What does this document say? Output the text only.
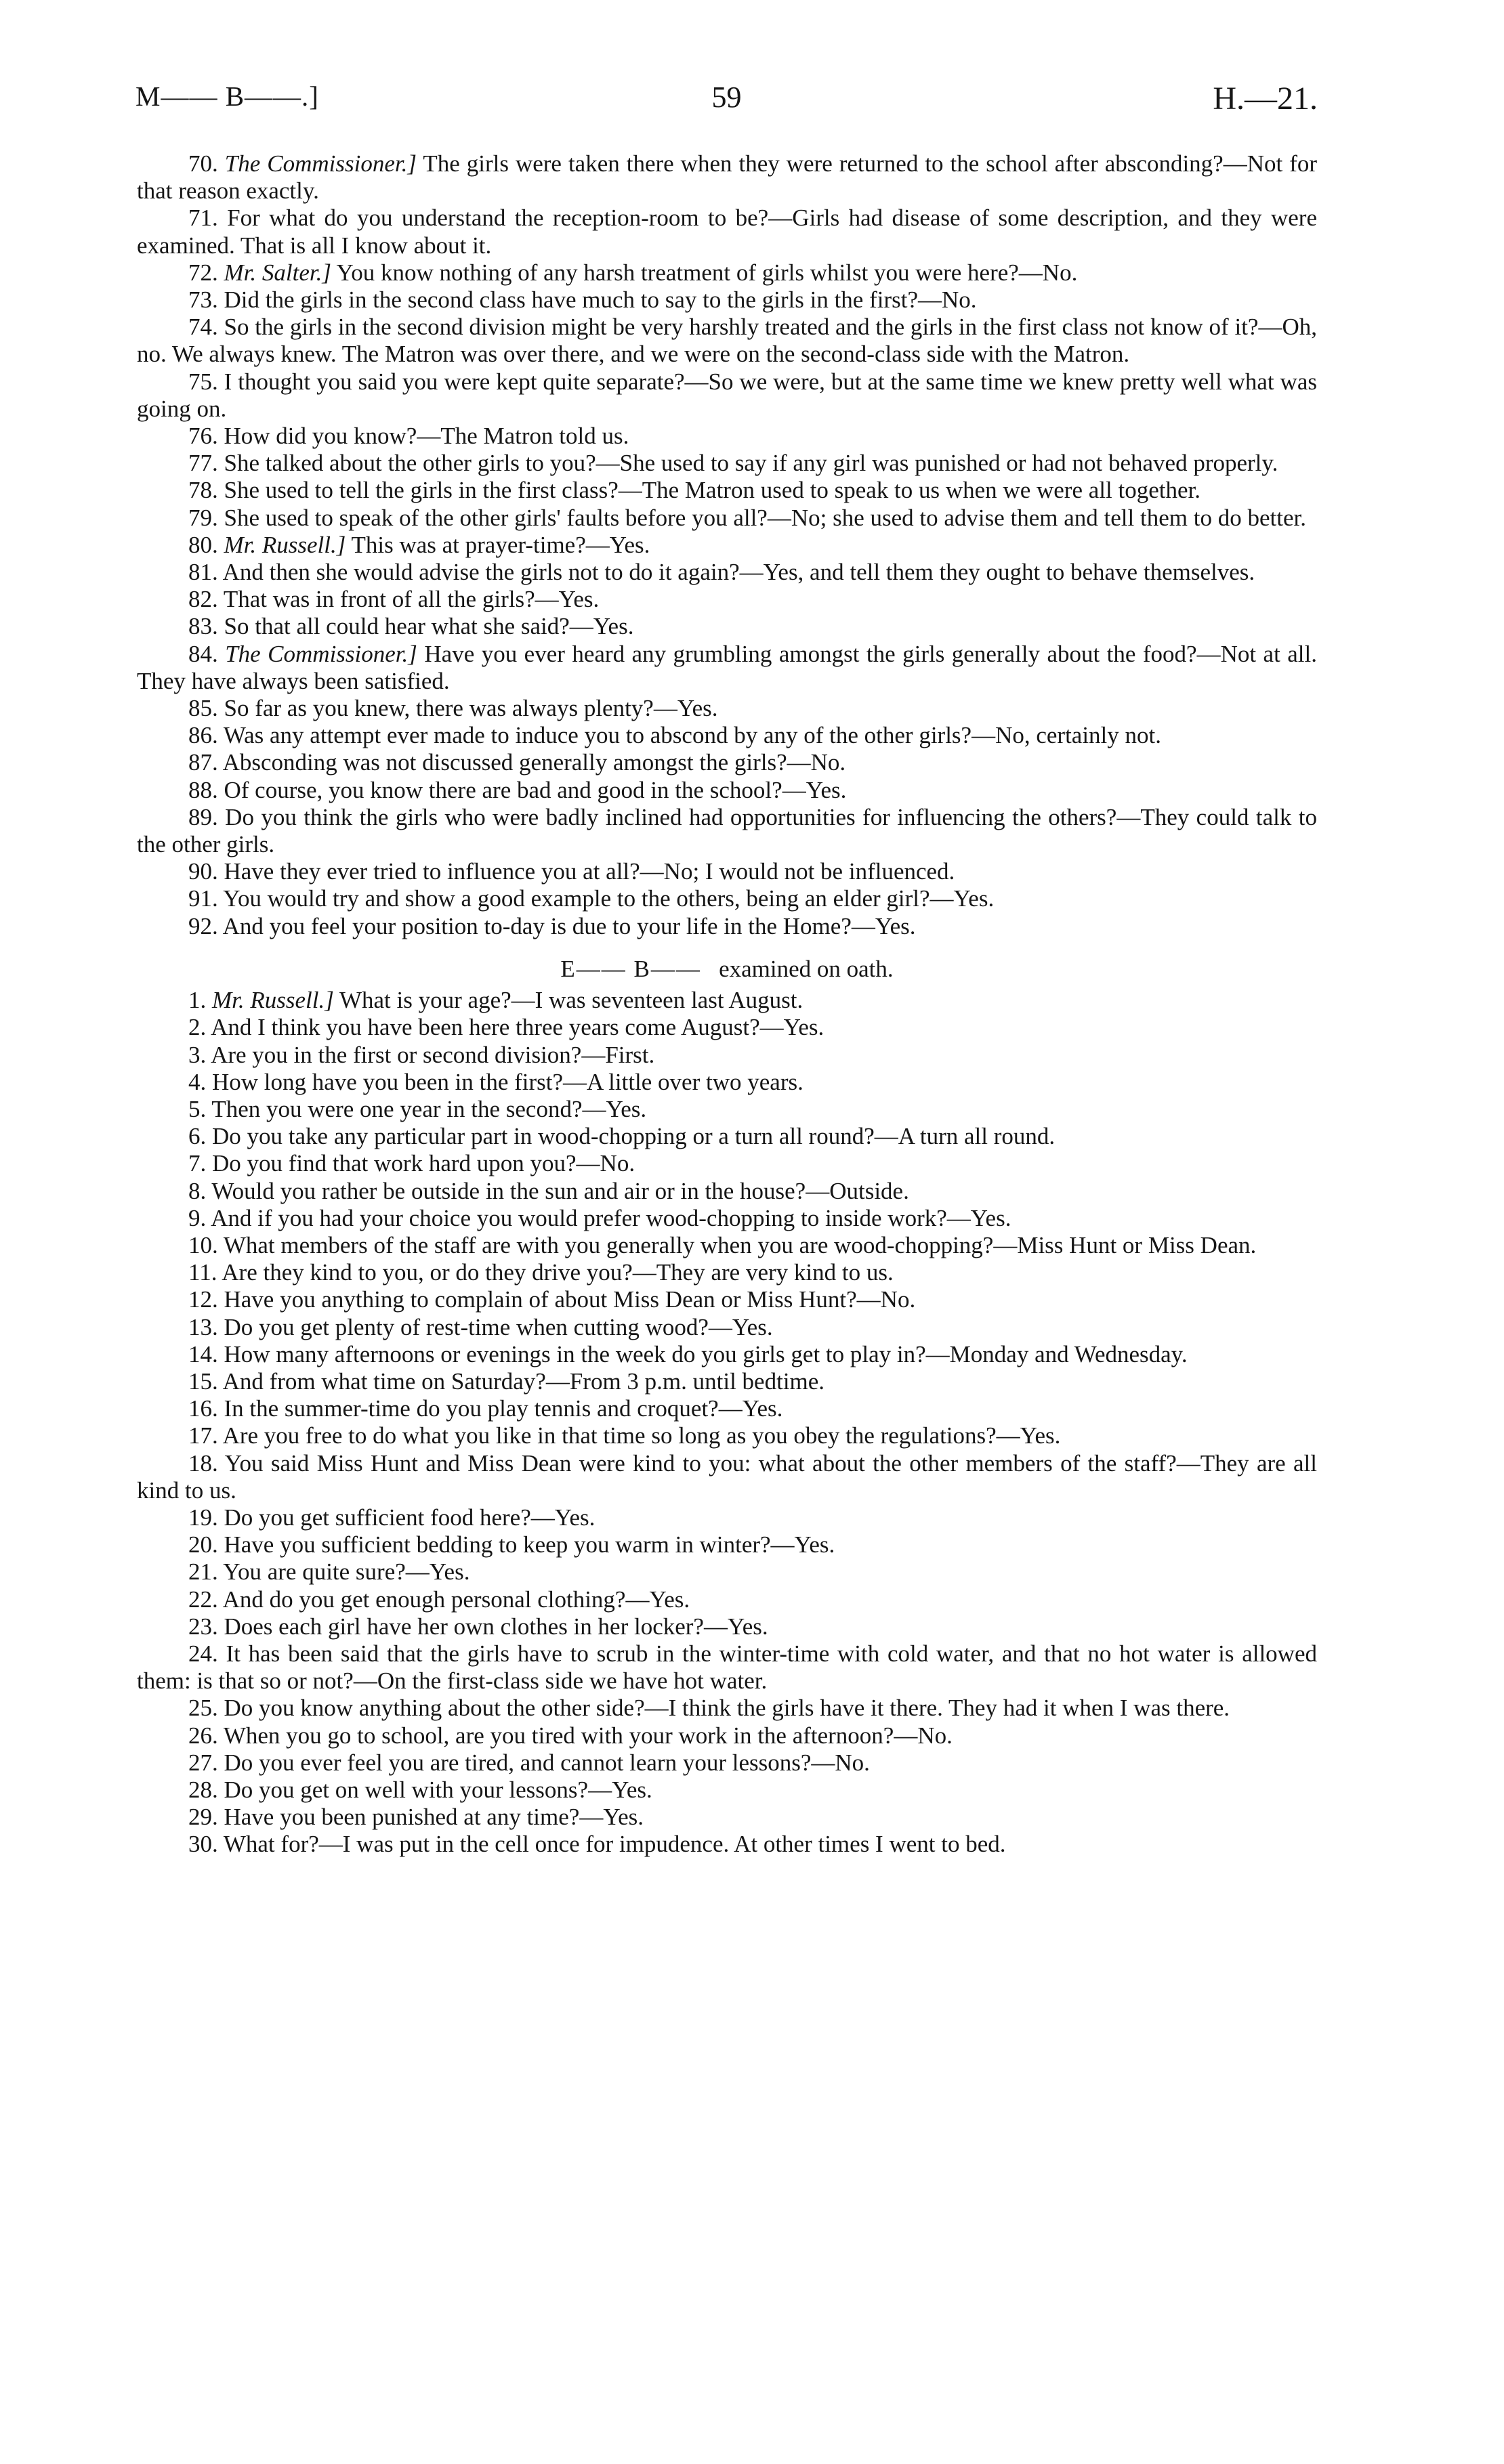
M—— B——.]	59	H.—21.

70. The Commissioner.] The girls were taken there when they were returned to the school after absconding?—Not for that reason exactly.

71. For what do you understand the reception-room to be?—Girls had disease of some description, and they were examined. That is all I know about it.

72. Mr. Salter.] You know nothing of any harsh treatment of girls whilst you were here?—No.

73. Did the girls in the second class have much to say to the girls in the first?—No.

74. So the girls in the second division might be very harshly treated and the girls in the first class not know of it?—Oh, no. We always knew. The Matron was over there, and we were on the second-class side with the Matron.

75. I thought you said you were kept quite separate?—So we were, but at the same time we knew pretty well what was going on.

76. How did you know?—The Matron told us.

77. She talked about the other girls to you?—She used to say if any girl was punished or had not behaved properly.

78. She used to tell the girls in the first class?—The Matron used to speak to us when we were all together.

79. She used to speak of the other girls' faults before you all?—No; she used to advise them and tell them to do better.

80. Mr. Russell.] This was at prayer-time?—Yes.

81. And then she would advise the girls not to do it again?—Yes, and tell them they ought to behave themselves.

82. That was in front of all the girls?—Yes.

83. So that all could hear what she said?—Yes.

84. The Commissioner.] Have you ever heard any grumbling amongst the girls generally about the food?—Not at all. They have always been satisfied.

85. So far as you knew, there was always plenty?—Yes.

86. Was any attempt ever made to induce you to abscond by any of the other girls?—No, certainly not.

87. Absconding was not discussed generally amongst the girls?—No.

88. Of course, you know there are bad and good in the school?—Yes.

89. Do you think the girls who were badly inclined had opportunities for influencing the others?—They could talk to the other girls.

90. Have they ever tried to influence you at all?—No; I would not be influenced.

91. You would try and show a good example to the others, being an elder girl?—Yes.

92. And you feel your position to-day is due to your life in the Home?—Yes.

E—— B—— examined on oath.

1. Mr. Russell.] What is your age?—I was seventeen last August.

2. And I think you have been here three years come August?—Yes.

3. Are you in the first or second division?—First.

4. How long have you been in the first?—A little over two years.

5. Then you were one year in the second?—Yes.

6. Do you take any particular part in wood-chopping or a turn all round?—A turn all round.

7. Do you find that work hard upon you?—No.

8. Would you rather be outside in the sun and air or in the house?—Outside.

9. And if you had your choice you would prefer wood-chopping to inside work?—Yes.

10. What members of the staff are with you generally when you are wood-chopping?—Miss Hunt or Miss Dean.

11. Are they kind to you, or do they drive you?—They are very kind to us.

12. Have you anything to complain of about Miss Dean or Miss Hunt?—No.

13. Do you get plenty of rest-time when cutting wood?—Yes.

14. How many afternoons or evenings in the week do you girls get to play in?—Monday and Wednesday.

15. And from what time on Saturday?—From 3 p.m. until bedtime.

16. In the summer-time do you play tennis and croquet?—Yes.

17. Are you free to do what you like in that time so long as you obey the regulations?—Yes.

18. You said Miss Hunt and Miss Dean were kind to you: what about the other members of the staff?—They are all kind to us.

19. Do you get sufficient food here?—Yes.

20. Have you sufficient bedding to keep you warm in winter?—Yes.

21. You are quite sure?—Yes.

22. And do you get enough personal clothing?—Yes.

23. Does each girl have her own clothes in her locker?—Yes.

24. It has been said that the girls have to scrub in the winter-time with cold water, and that no hot water is allowed them: is that so or not?—On the first-class side we have hot water.

25. Do you know anything about the other side?—I think the girls have it there. They had it when I was there.

26. When you go to school, are you tired with your work in the afternoon?—No.

27. Do you ever feel you are tired, and cannot learn your lessons?—No.

28. Do you get on well with your lessons?—Yes.

29. Have you been punished at any time?—Yes.

30. What for?—I was put in the cell once for impudence. At other times I went to bed.
